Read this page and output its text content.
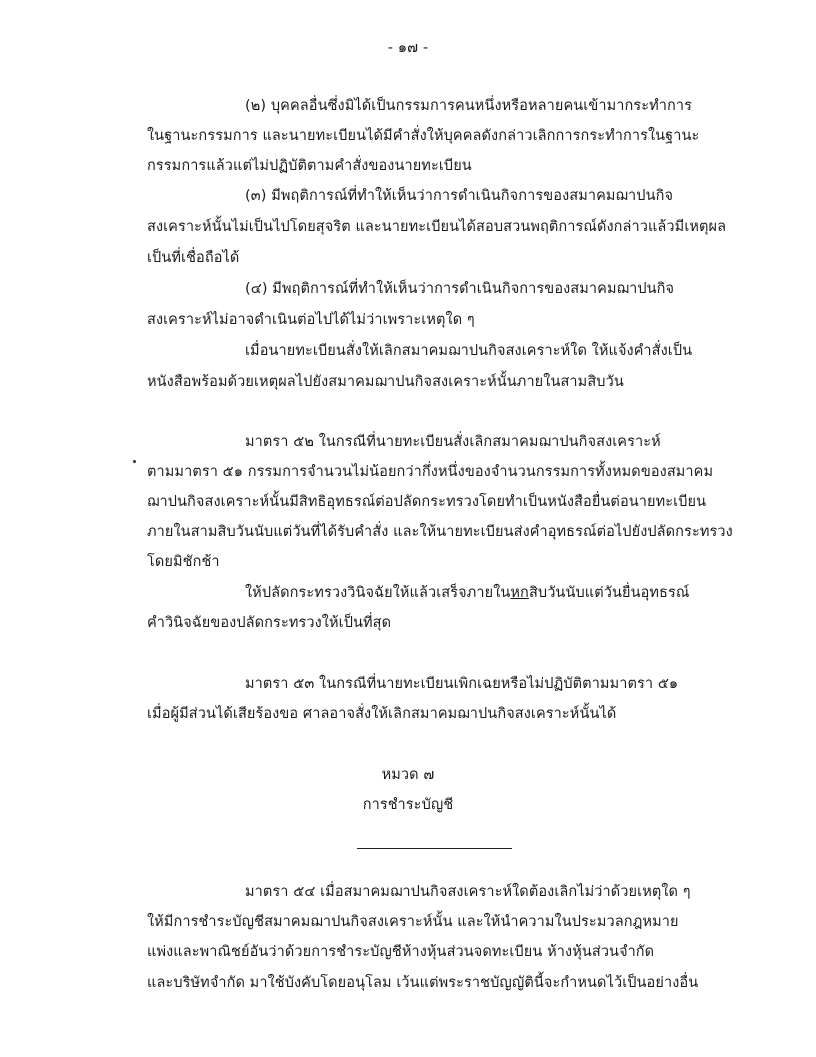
- ๑๗ -
(๒) บุคคลอื่นซึ่งมิได้เป็นกรรมการคนหนึ่งหรือหลายคนเข้ามากระทำการ
ในฐานะกรรมการ และนายทะเบียนได้มีคำสั่งให้บุคคลดังกล่าวเลิกการกระทำการในฐานะ
กรรมการแล้วแต่ไม่ปฏิบัติตามคำสั่งของนายทะเบียน
(๓) มีพฤติการณ์ที่ทำให้เห็นว่าการดำเนินกิจการของสมาคมฌาปนกิจ
สงเคราะห์นั้นไม่เป็นไปโดยสุจริต และนายทะเบียนได้สอบสวนพฤติการณ์ดังกล่าวแล้วมีเหตุผล
เป็นที่เชื่อถือได้
(๔) มีพฤติการณ์ที่ทำให้เห็นว่าการดำเนินกิจการของสมาคมฌาปนกิจ
สงเคราะห์ไม่อาจดำเนินต่อไปได้ไม่ว่าเพราะเหตุใด ๆ
เมื่อนายทะเบียนสั่งให้เลิกสมาคมฌาปนกิจสงเคราะห์ใด ให้แจ้งคำสั่งเป็น
หนังสือพร้อมด้วยเหตุผลไปยังสมาคมฌาปนกิจสงเคราะห์นั้นภายในสามสิบวัน
มาตรา ๕๒ ในกรณีที่นายทะเบียนสั่งเลิกสมาคมฌาปนกิจสงเคราะห์
ตามมาตรา ๕๑ กรรมการจำนวนไม่น้อยกว่ากึ่งหนึ่งของจำนวนกรรมการทั้งหมดของสมาคม
ฌาปนกิจสงเคราะห์นั้นมีสิทธิอุทธรณ์ต่อปลัดกระทรวงโดยทำเป็นหนังสือยื่นต่อนายทะเบียน
ภายในสามสิบวันนับแต่วันที่ได้รับคำสั่ง และให้นายทะเบียนส่งคำอุทธรณ์ต่อไปยังปลัดกระทรวง
โดยมิชักช้า
ให้ปลัดกระทรวงวินิจฉัยให้แล้วเสร็จภายในหกสิบวันนับแต่วันยื่นอุทธรณ์
คำวินิจฉัยของปลัดกระทรวงให้เป็นที่สุด
มาตรา ๕๓ ในกรณีที่นายทะเบียนเพิกเฉยหรือไม่ปฏิบัติตามมาตรา ๕๑
เมื่อผู้มีส่วนได้เสียร้องขอ ศาลอาจสั่งให้เลิกสมาคมฌาปนกิจสงเคราะห์นั้นได้
หมวด ๗
การชำระบัญชี
มาตรา ๕๔ เมื่อสมาคมฌาปนกิจสงเคราะห์ใดต้องเลิกไม่ว่าด้วยเหตุใด ๆ
ให้มีการชำระบัญชีสมาคมฌาปนกิจสงเคราะห์นั้น และให้นำความในประมวลกฎหมาย
แพ่งและพาณิชย์อันว่าด้วยการชำระบัญชีห้างหุ้นส่วนจดทะเบียน ห้างหุ้นส่วนจำกัด
และบริษัทจำกัด มาใช้บังคับโดยอนุโลม เว้นแต่พระราชบัญญัตินี้จะกำหนดไว้เป็นอย่างอื่น
